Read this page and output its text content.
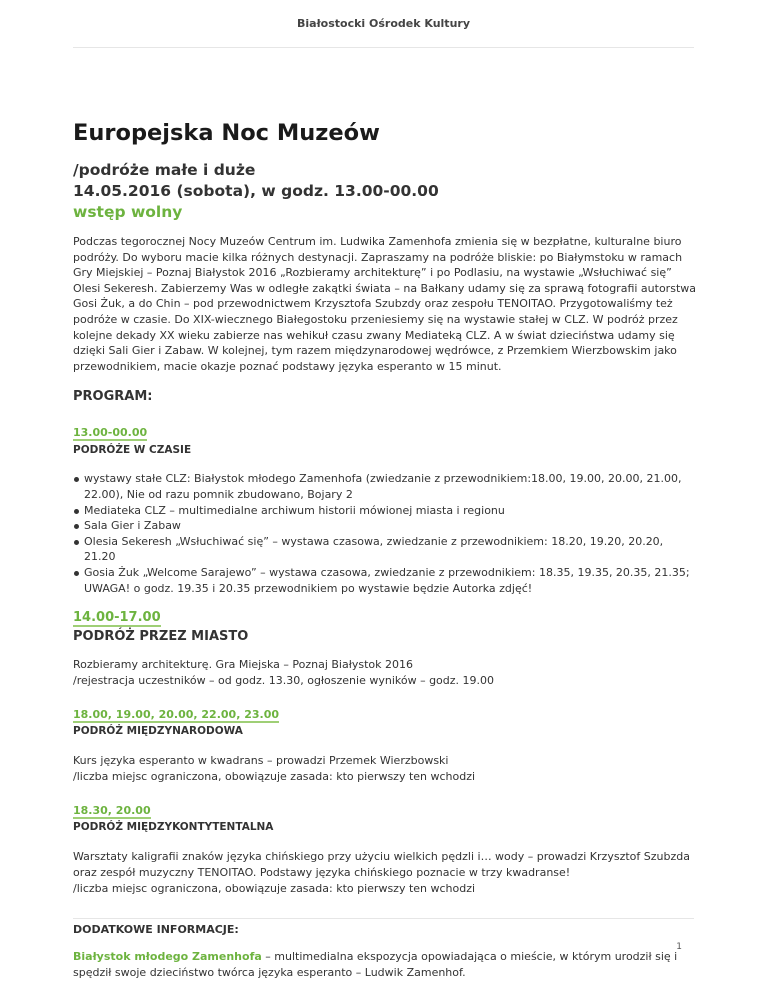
Białostocki Ośrodek Kultury
Europejska Noc Muzeów
/podróże małe i duże
14.05.2016 (sobota), w godz. 13.00-00.00
wstęp wolny

Podczas tegorocznej Nocy Muzeów Centrum im. Ludwika Zamenhofa zmienia się w bezpłatne, kulturalne biuro podróży. Do wyboru macie kilka różnych destynacji. Zapraszamy na podróże bliskie: po Białymstoku w ramach Gry Miejskiej – Poznaj Białystok 2016 „Rozbieramy architekturę” i po Podlasiu, na wystawie „Wsłuchiwać się” Olesi Sekeresh. Zabierzemy Was w odległe zakątki świata – na Bałkany udamy się za sprawą fotografii autorstwa Gosi Żuk, a do Chin – pod przewodnictwem Krzysztofa Szubzdy oraz zespołu TENOITAO. Przygotowaliśmy też podróże w czasie. Do XIX-wiecznego Białegostoku przeniesiemy się na wystawie stałej w CLZ. W podróż przez kolejne dekady XX wieku zabierze nas wehikuł czasu zwany Mediateką CLZ. A w świat dzieciństwa udamy się dzięki Sali Gier i Zabaw. W kolejnej, tym razem międzynarodowej wędrówce, z Przemkiem Wierzbowskim jako przewodnikiem, macie okazje poznać podstawy języka esperanto w 15 minut.

PROGRAM:
13.00-00.00
PODRÓŻE W CZASIE
wystawy stałe CLZ: Białystok młodego Zamenhofa (zwiedzanie z przewodnikiem:18.00, 19.00, 20.00, 21.00, 22.00), Nie od razu pomnik zbudowano, Bojary 2
Mediateka CLZ – multimedialne archiwum historii mówionej miasta i regionu
Sala Gier i Zabaw
Olesia Sekeresh „Wsłuchiwać się” – wystawa czasowa, zwiedzanie z przewodnikiem: 18.20, 19.20, 20.20, 21.20
Gosia Żuk „Welcome Sarajewo” – wystawa czasowa, zwiedzanie z przewodnikiem: 18.35, 19.35, 20.35, 21.35; UWAGA! o godz. 19.35 i 20.35 przewodnikiem po wystawie będzie Autorka zdjęć!
14.00-17.00
PODRÓŻ PRZEZ MIASTO

Rozbieramy architekturę. Gra Miejska – Poznaj Białystok 2016

/rejestracja uczestników – od godz. 13.30, ogłoszenie wyników – godz. 19.00

18.00, 19.00, 20.00, 22.00, 23.00
PODRÓŻ MIĘDZYNARODOWA

Kurs języka esperanto w kwadrans – prowadzi Przemek Wierzbowski

/liczba miejsc ograniczona, obowiązuje zasada: kto pierwszy ten wchodzi

18.30, 20.00
PODRÓŻ MIĘDZYKONTYTENTALNA

Warsztaty kaligrafii znaków języka chińskiego przy użyciu wielkich pędzli i… wody – prowadzi Krzysztof Szubzda oraz zespół muzyczny TENOITAO. Podstawy języka chińskiego poznacie w trzy kwadranse!

/liczba miejsc ograniczona, obowiązuje zasada: kto pierwszy ten wchodzi

DODATKOWE INFORMACJE:

Białystok młodego Zamenhofa – multimedialna ekspozycja opowiadająca o mieście, w którym urodził się i spędził swoje dzieciństwo twórca języka esperanto – Ludwik Zamenhof.

1
